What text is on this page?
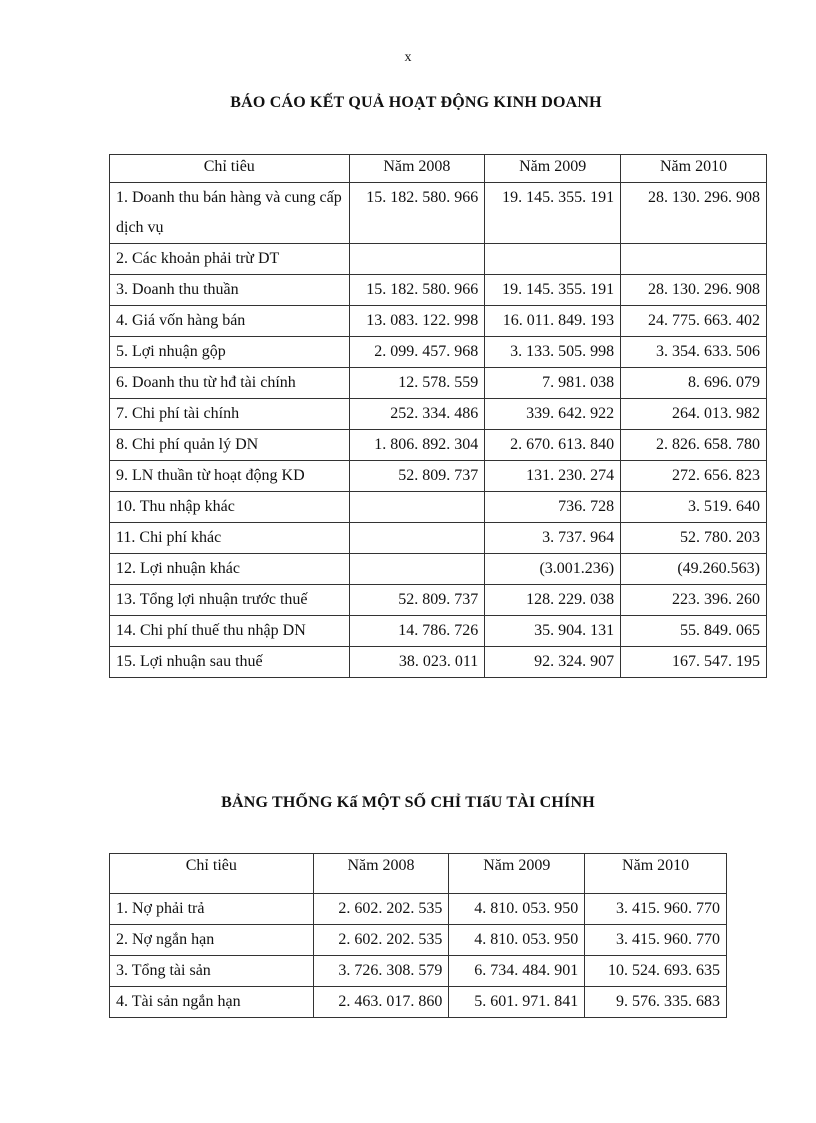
x
BÁO CÁO KẾT QUẢ HOẠT ĐỘNG KINH DOANH
Chỉ tiêu	Năm 2008	Năm 2009	Năm 2010
1. Doanh thu bán hàng và cung cấp dịch vụ	15. 182. 580. 966	19. 145. 355. 191	28. 130. 296. 908
2. Các khoản phải trừ DT			
3. Doanh thu thuần	15. 182. 580. 966	19. 145. 355. 191	28. 130. 296. 908
4. Giá vốn hàng bán	13. 083. 122. 998	16. 011. 849. 193	24. 775. 663. 402
5. Lợi nhuận gộp	2. 099. 457. 968	3. 133. 505. 998	3. 354. 633. 506
6. Doanh thu từ hđ tài chính	12. 578. 559	7. 981. 038	8. 696. 079
7. Chi phí tài chính	252. 334. 486	339. 642. 922	264. 013. 982
8. Chi phí quản lý DN	1. 806. 892. 304	2. 670. 613. 840	2. 826. 658. 780
9. LN thuần từ hoạt động KD	52. 809. 737	131. 230. 274	272. 656. 823
10. Thu nhập khác		736. 728	3. 519. 640
11. Chi phí khác		3. 737. 964	52. 780. 203
12. Lợi nhuận khác		(3.001.236)	(49.260.563)
13. Tổng lợi nhuận trước thuế	52. 809. 737	128. 229. 038	223. 396. 260
14. Chi phí thuế thu nhập DN	14. 786. 726	35. 904. 131	55. 849. 065
15. Lợi nhuận sau thuế	38. 023. 011	92. 324. 907	167. 547. 195
BẢNG THỐNG Kấ MỘT SỐ CHỈ TIấU TÀI CHÍNH
Chỉ tiêu	Năm 2008	Năm 2009	Năm 2010
1. Nợ phải trả	2. 602. 202. 535	4. 810. 053. 950	3. 415. 960. 770
2. Nợ ngắn hạn	2. 602. 202. 535	4. 810. 053. 950	3. 415. 960. 770
3. Tổng tài sản	3. 726. 308. 579	6. 734. 484. 901	10. 524. 693. 635
4. Tài sản ngắn hạn	2. 463. 017. 860	5. 601. 971. 841	9. 576. 335. 683
